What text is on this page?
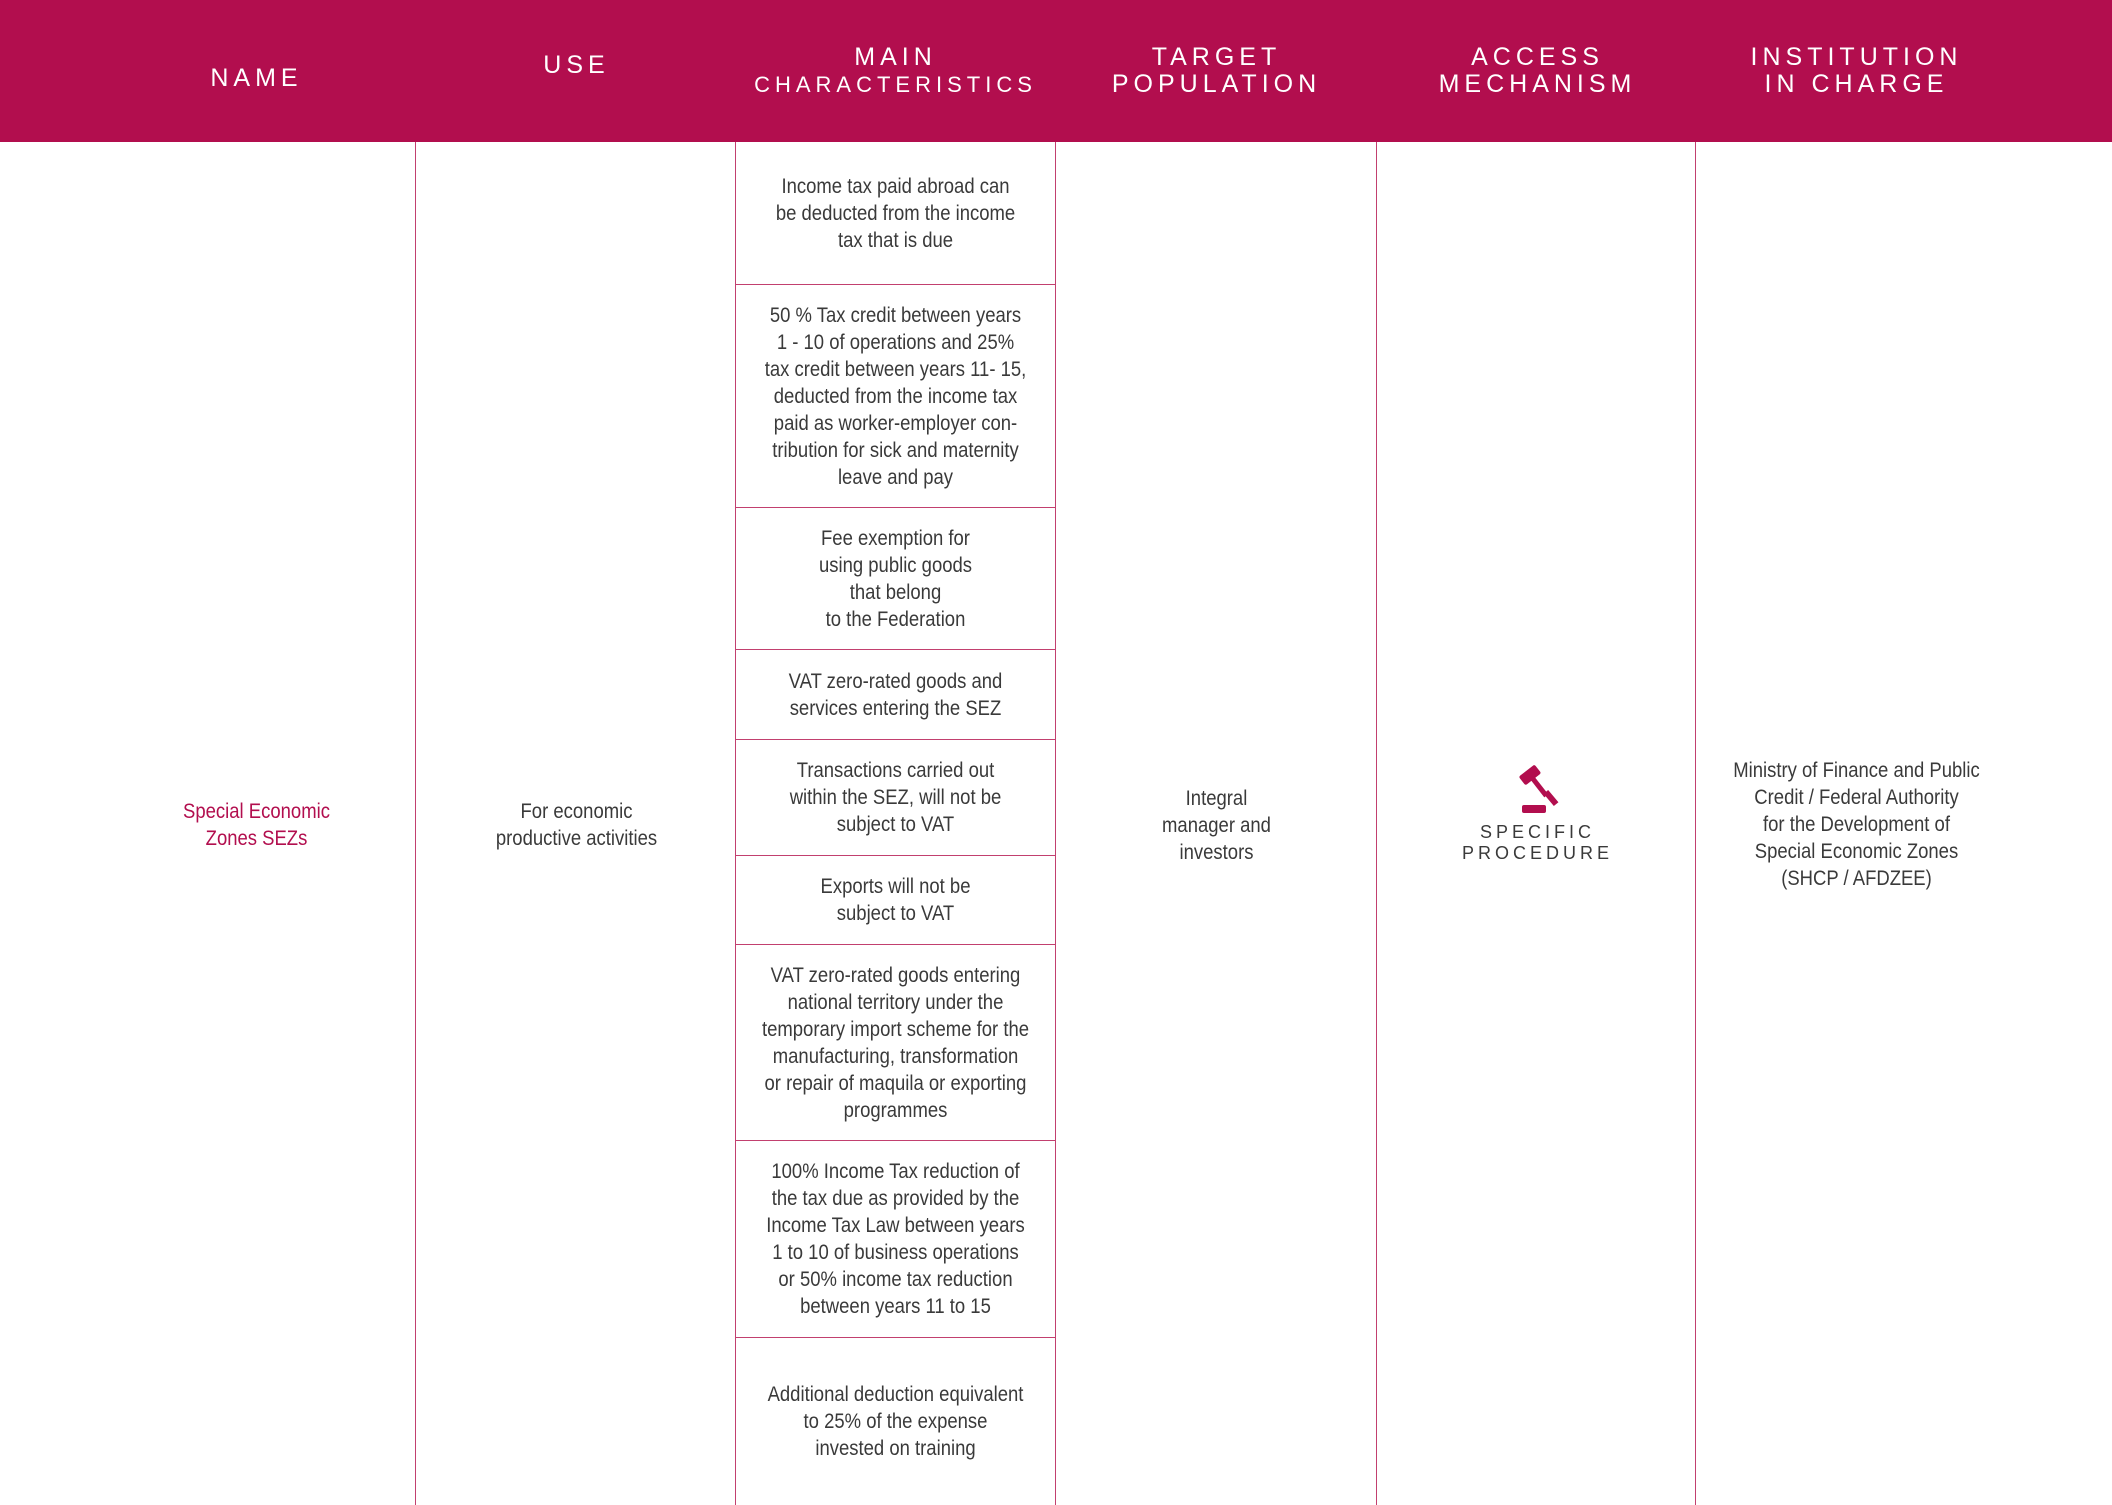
NAME	USE	MAIN
CHARACTERISTICS
TARGET
POPULATION
ACCESS
MECHANISM
INSTITUTION
IN CHARGE
Special Economic
Zones SEZs
For economic
productive activities
Income tax paid abroad can
be deducted from the income
tax that is due
50 % Tax credit between years
1 - 10 of operations and 25%
tax credit between years 11- 15,
deducted from the income tax
paid as worker-employer con-
tribution for sick and maternity
leave and pay
Fee exemption for
using public goods
that belong
to the Federation
VAT zero-rated goods and
services entering the SEZ
Transactions carried out
within the SEZ, will not be
subject to VAT
Exports will not be
subject to VAT
VAT zero-rated goods entering
national territory under the
temporary import scheme for the
manufacturing, transformation
or repair of maquila or exporting
programmes
100% Income Tax reduction of
the tax due as provided by the
Income Tax Law between years
1 to 10 of business operations
or 50% income tax reduction
between years 11 to 15
Additional deduction equivalent
to 25% of the expense
invested on training
Integral
manager and
investors
SPECIFIC
PROCEDURE
Ministry of Finance and Public
Credit / Federal Authority
for the Development of
Special Economic Zones
(SHCP / AFDZEE)
